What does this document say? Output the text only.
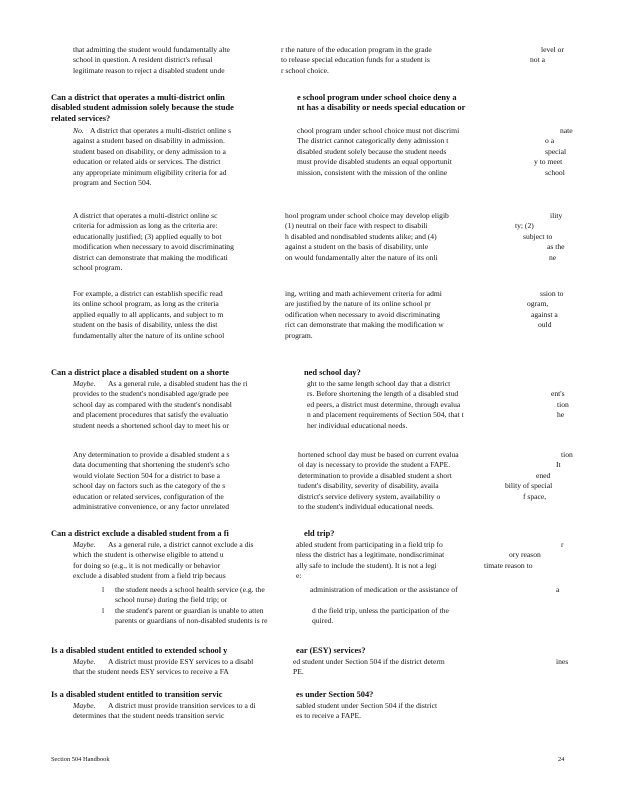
that admitting the student would fundamentally alte
school in question. A resident district's refusal
legitimate reason to reject a disabled student unde
r the nature of the education program in the grade
to release special education funds for a student is
r school choice.
level or
not a
Can a district that operates a multi-district onlin
disabled student admission solely because the stude
related services?
e school program under school choice deny a
nt has a disability or needs special education or
No. A district that operates a multi-district online s
against a student based on disability in admission.
student based on disability, or deny admission to a
education or related aids or services. The district
any appropriate minimum eligibility criteria for ad
program and Section 504.
chool program under school choice must not discrimi
The district cannot categorically deny admission t
disabled student solely because the student needs
must provide disabled students an equal opportunit
mission, consistent with the mission of the online
nate
o a
special
y to meet
school
A district that operates a multi-district online sc
criteria for admission as long as the criteria are:
educationally justified; (3) applied equally to bot
modification when necessary to avoid discriminating
district can demonstrate that making the modificati
school program.
hool program under school choice may develop eligib
(1) neutral on their face with respect to disabili
h disabled and nondisabled students alike; and (4)
against a student on the basis of disability, unle
on would fundamentally alter the nature of its onli
ility
ty; (2)
subject to
as the
ne
For example, a district can establish specific read
its online school program, as long as the criteria
applied equally to all applicants, and subject to m
student on the basis of disability, unless the dist
fundamentally alter the nature of its online school
ing, writing and math achievement criteria for admi
are justified by the nature of its online school pr
odification when necessary to avoid discriminating
rict can demonstrate that making the modification w
program.
ssion to
ogram,
against a
ould
Can a district place a disabled student on a shorte	ned school day?
Maybe. As a general rule, a disabled student has the ri
provides to the student's nondisabled age/grade pee
school day as compared with the student's nondisabl
and placement procedures that satisfy the evaluatio
student needs a shortened school day to meet his or
ght to the same length school day that a district
rs. Before shortening the length of a disabled stud
ed peers, a district must determine, through evalua
n and placement requirements of Section 504, that t
her individual educational needs.
ent's
tion
he
Any determination to provide a disabled student a s
data documenting that shortening the student's scho
would violate Section 504 for a district to base a
school day on factors such as the category of the s
education or related services, configuration of the
administrative convenience, or any factor unrelated
hortened school day must be based on current evalua
ol day is necessary to provide the student a FAPE.
determination to provide a disabled student a short
tudent's disability, severity of disability, availa
district's service delivery system, availability o
to the student's individual educational needs.
tion
It
ened
bility of special
f space,
Can a district exclude a disabled student from a fi	eld trip?
Maybe. As a general rule, a district cannot exclude a dis
which the student is otherwise eligible to attend u
for doing so (e.g., it is not medically or behavior
exclude a disabled student from a field trip becaus
abled student from participating in a field trip fo
nless the district has a legitimate, nondiscriminat
ally safe to include the student). It is not a legi
e:
r
ory reason
timate reason to
l the student needs a school health service (e.g. the
school nurse) during the field trip; or
administration of medication or the assistance of	a
l the student's parent or guardian is unable to atten
parents or guardians of non-disabled students is re
d the field trip, unless the participation of the
quired.
Is a disabled student entitled to extended school y	ear (ESY) services?
Maybe. A district must provide ESY services to a disabl
that the student needs ESY services to receive a FA
ed student under Section 504 if the district determ
PE.
ines
Is a disabled student entitled to transition servic	es under Section 504?
Maybe. A district must provide transition services to a di
determines that the student needs transition servic
sabled student under Section 504 if the district
es to receive a FAPE.
Section 504 Handbook	24
